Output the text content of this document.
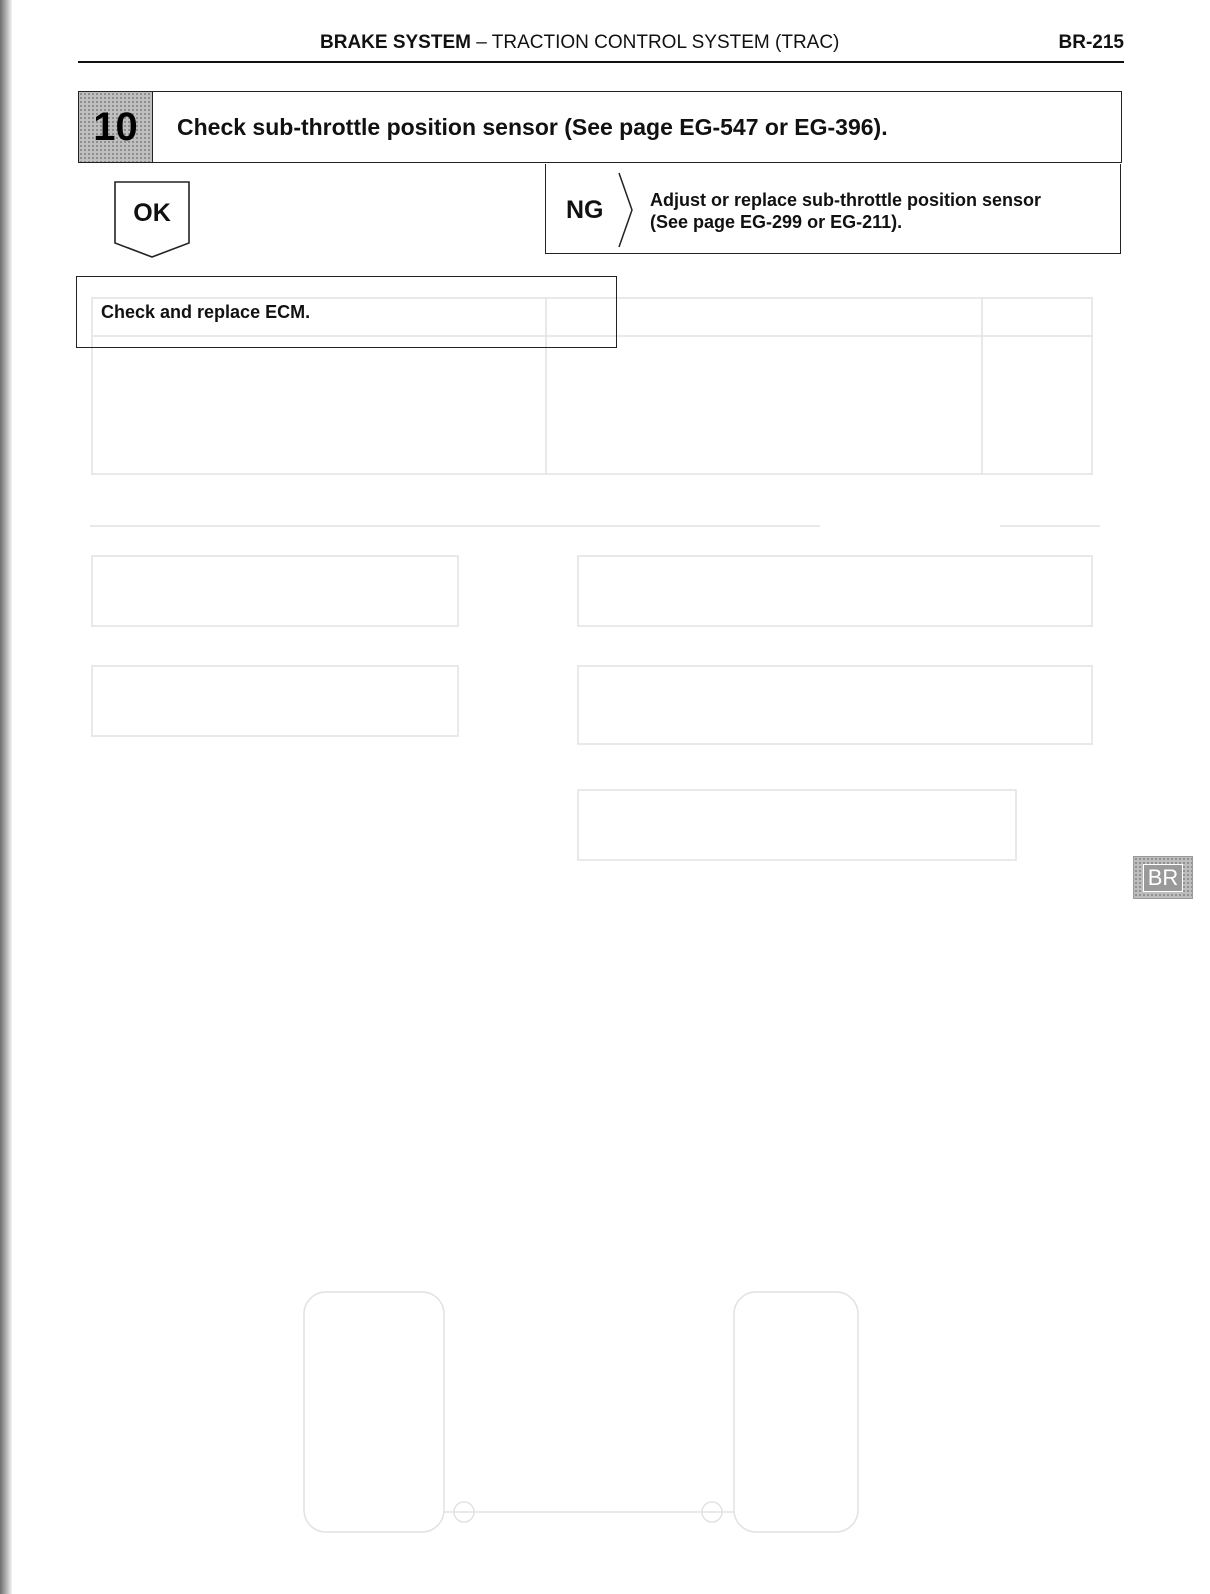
BRAKE SYSTEM – TRACTION CONTROL SYSTEM (TRAC)	BR-215
10	Check sub-throttle position sensor (See page EG-547 or EG-396).
OK	NG	Adjust or replace sub-throttle position sensor
(See page EG-299 or EG-211).
Check and replace ECM.
BR
